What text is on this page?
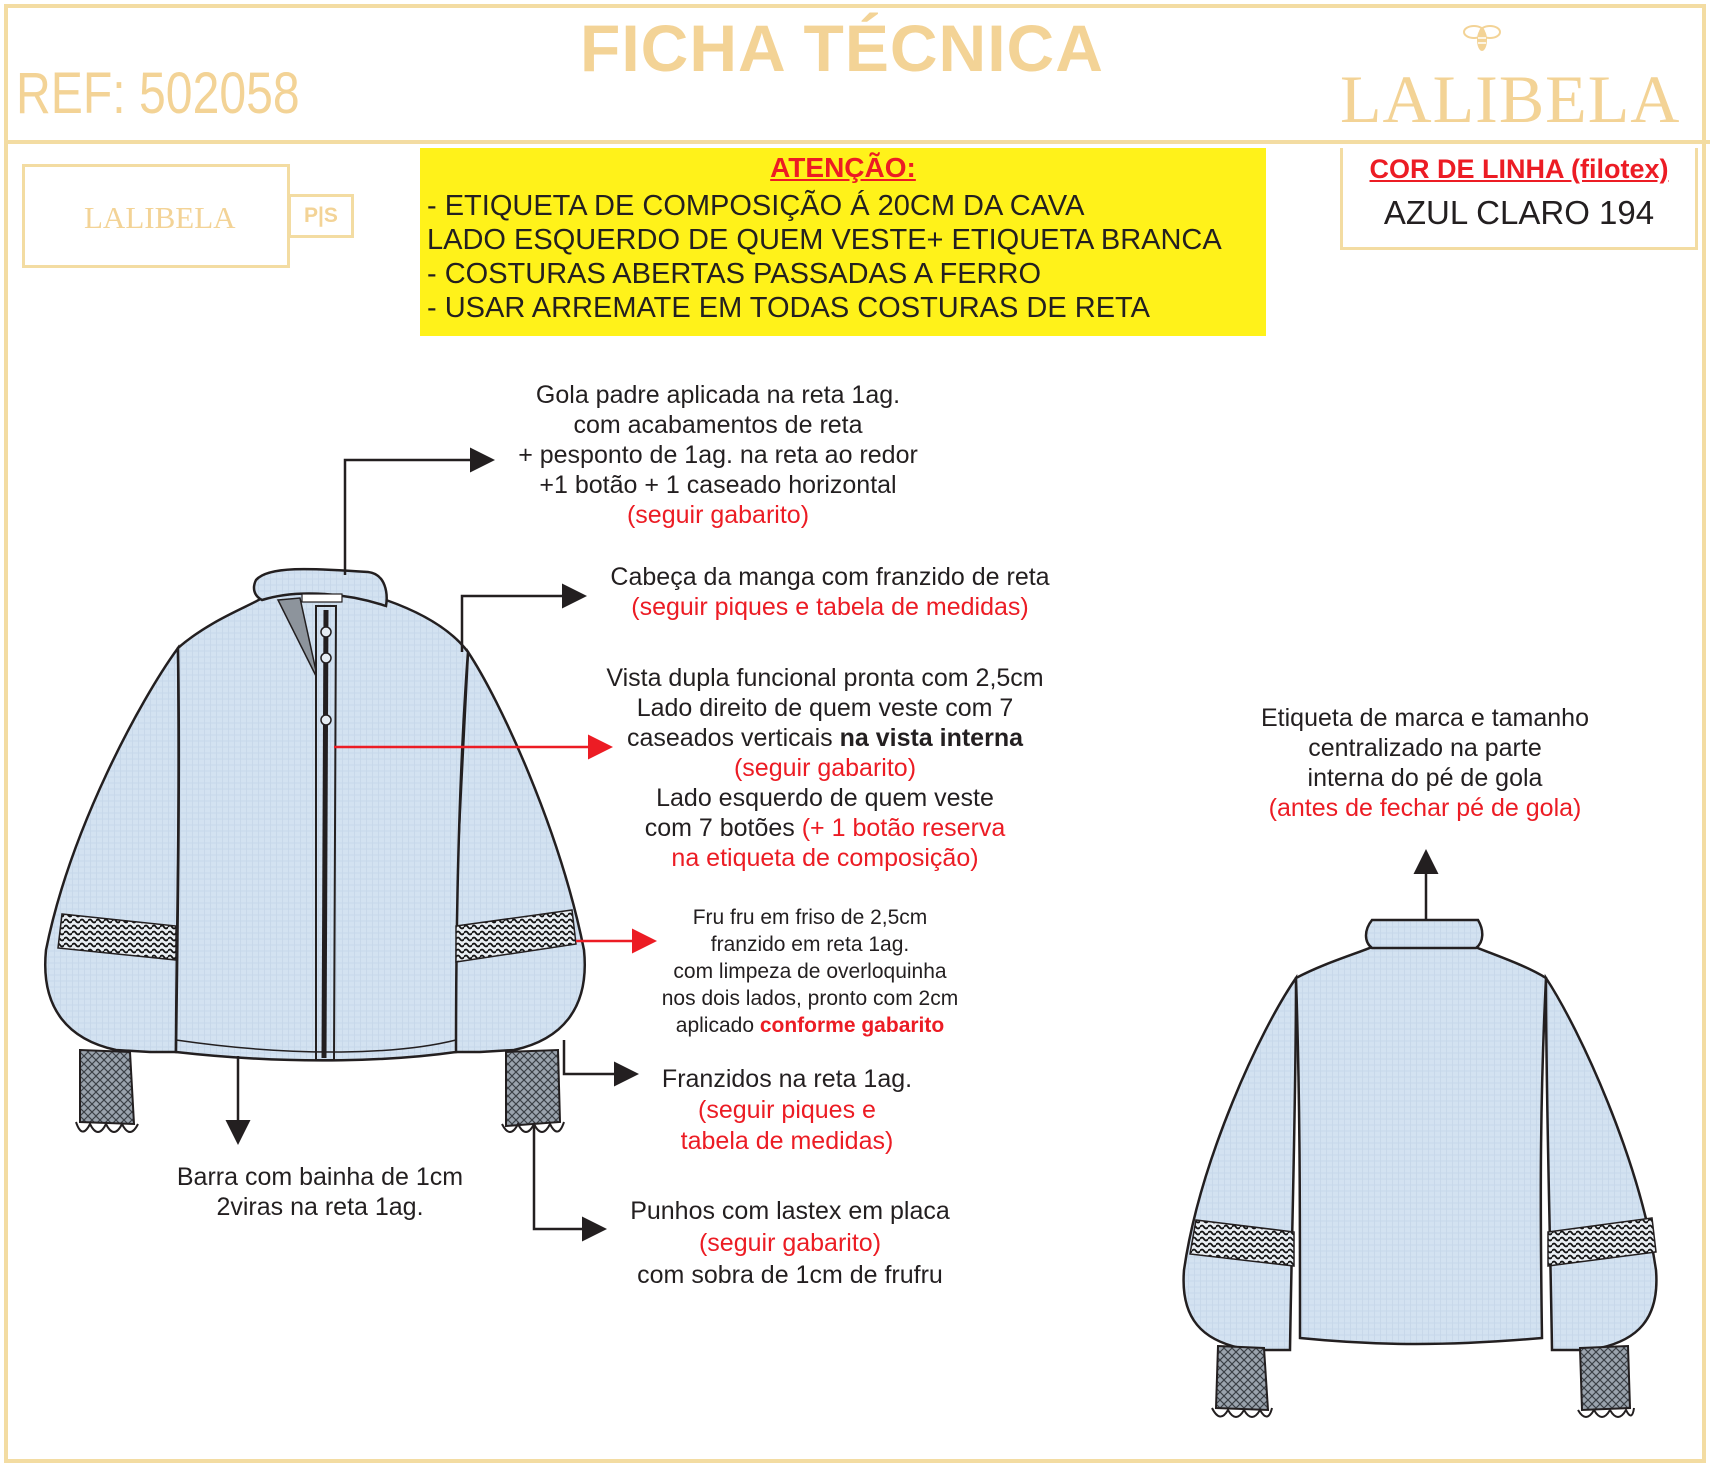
REF: 502058
FICHA TÉCNICA
LALIBELA
LALIBELA	P|S
ATENÇÃO:
- ETIQUETA DE COMPOSIÇÃO Á 20CM DA CAVA
LADO ESQUERDO DE QUEM VESTE+ ETIQUETA BRANCA
- COSTURAS ABERTAS PASSADAS A FERRO
- USAR ARREMATE EM TODAS COSTURAS DE RETA
COR DE LINHA (filotex)
AZUL CLARO 194
Gola padre aplicada na reta 1ag.
com acabamentos de reta
+ pesponto de 1ag. na reta ao redor
+1 botão + 1 caseado horizontal
(seguir gabarito)
Cabeça da manga com franzido de reta
(seguir piques e tabela de medidas)
Vista dupla funcional pronta com 2,5cm
Lado direito de quem veste com 7
caseados verticais na vista interna
(seguir gabarito)
Lado esquerdo de quem veste
com 7 botões (+ 1 botão reserva
na etiqueta de composição)
Fru fru em friso de 2,5cm
franzido em reta 1ag.
com limpeza de overloquinha
nos dois lados, pronto com 2cm
aplicado conforme gabarito
Franzidos na reta 1ag.
(seguir piques e
tabela de medidas)
Barra com bainha de 1cm
2viras na reta 1ag.	Punhos com lastex em placa
(seguir gabarito)
com sobra de 1cm de frufru
Etiqueta de marca e tamanho
centralizado na parte
interna do pé de gola
(antes de fechar pé de gola)
